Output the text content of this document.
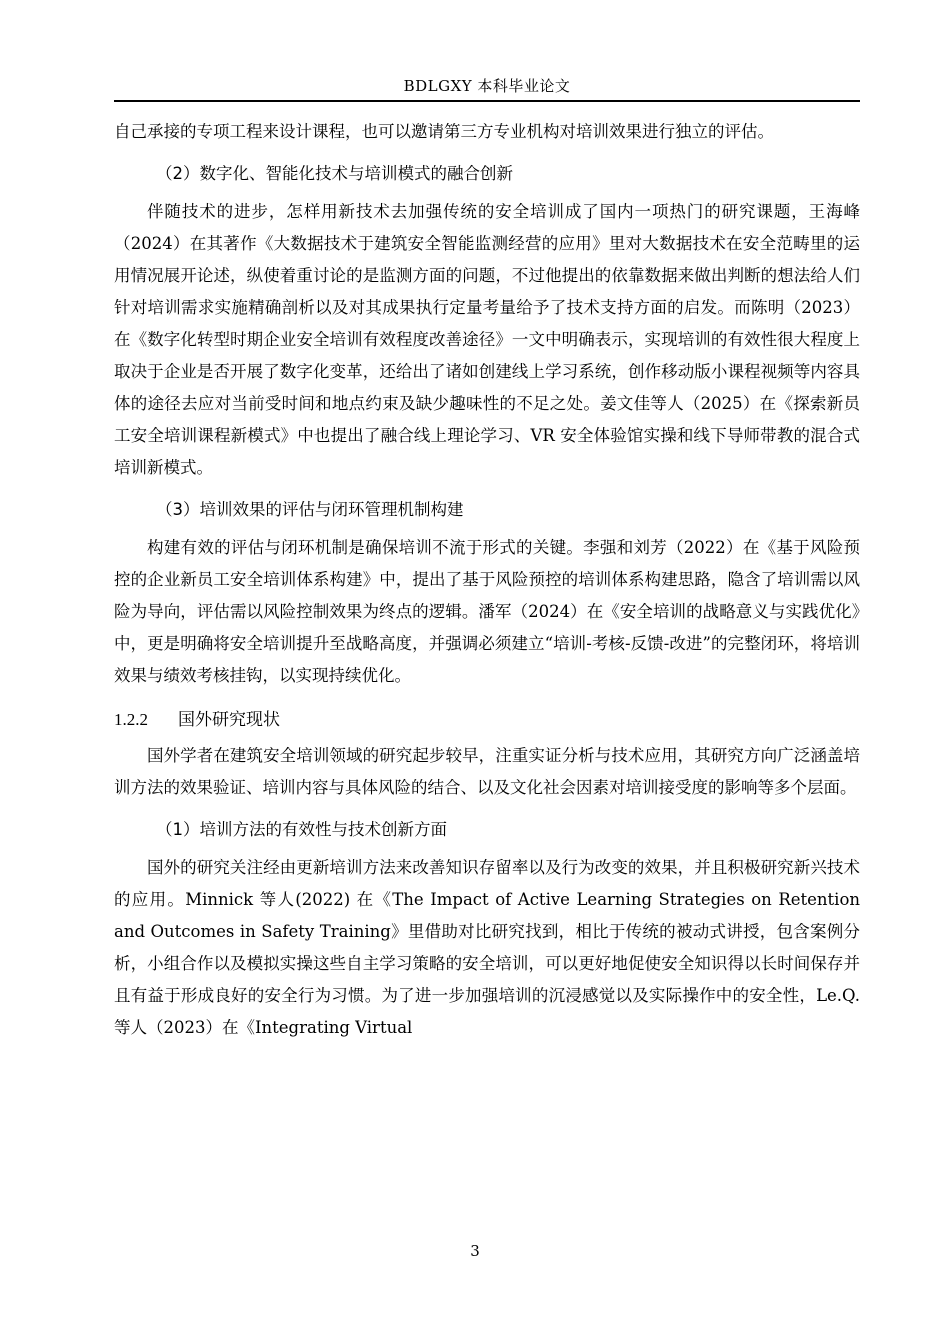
BDLGXY 本科毕业论文

自己承接的专项工程来设计课程，也可以邀请第三方专业机构对培训效果进行独立的评估。

（2）数字化、智能化技术与培训模式的融合创新

伴随技术的进步，怎样用新技术去加强传统的安全培训成了国内一项热门的研究课题，王海峰（2024）在其著作《大数据技术于建筑安全智能监测经营的应用》里对大数据技术在安全范畴里的运用情况展开论述，纵使着重讨论的是监测方面的问题，不过他提出的依靠数据来做出判断的想法给人们针对培训需求实施精确剖析以及对其成果执行定量考量给予了技术支持方面的启发。而陈明（2023）在《数字化转型时期企业安全培训有效程度改善途径》一文中明确表示，实现培训的有效性很大程度上取决于企业是否开展了数字化变革，还给出了诸如创建线上学习系统，创作移动版小课程视频等内容具体的途径去应对当前受时间和地点约束及缺少趣味性的不足之处。姜文佳等人（2025）在《探索新员工安全培训课程新模式》中也提出了融合线上理论学习、VR 安全体验馆实操和线下导师带教的混合式培训新模式。

（3）培训效果的评估与闭环管理机制构建

构建有效的评估与闭环机制是确保培训不流于形式的关键。李强和刘芳（2022）在《基于风险预控的企业新员工安全培训体系构建》中，提出了基于风险预控的培训体系构建思路，隐含了培训需以风险为导向，评估需以风险控制效果为终点的逻辑。潘军（2024）在《安全培训的战略意义与实践优化》中，更是明确将安全培训提升至战略高度，并强调必须建立“培训-考核-反馈-改进”的完整闭环，将培训效果与绩效考核挂钩，以实现持续优化。

1.2.2 国外研究现状

国外学者在建筑安全培训领域的研究起步较早，注重实证分析与技术应用，其研究方向广泛涵盖培训方法的效果验证、培训内容与具体风险的结合、以及文化社会因素对培训接受度的影响等多个层面。

（1）培训方法的有效性与技术创新方面

国外的研究关注经由更新培训方法来改善知识存留率以及行为改变的效果，并且积极研究新兴技术的应用。Minnick 等人(2022) 在《The Impact of Active Learning Strategies on Retention and Outcomes in Safety Training》里借助对比研究找到，相比于传统的被动式讲授，包含案例分析，小组合作以及模拟实操这些自主学习策略的安全培训，可以更好地促使安全知识得以长时间保存并且有益于形成良好的安全行为习惯。为了进一步加强培训的沉浸感觉以及实际操作中的安全性，Le.Q.等人（2023）在《Integrating Virtual

3
